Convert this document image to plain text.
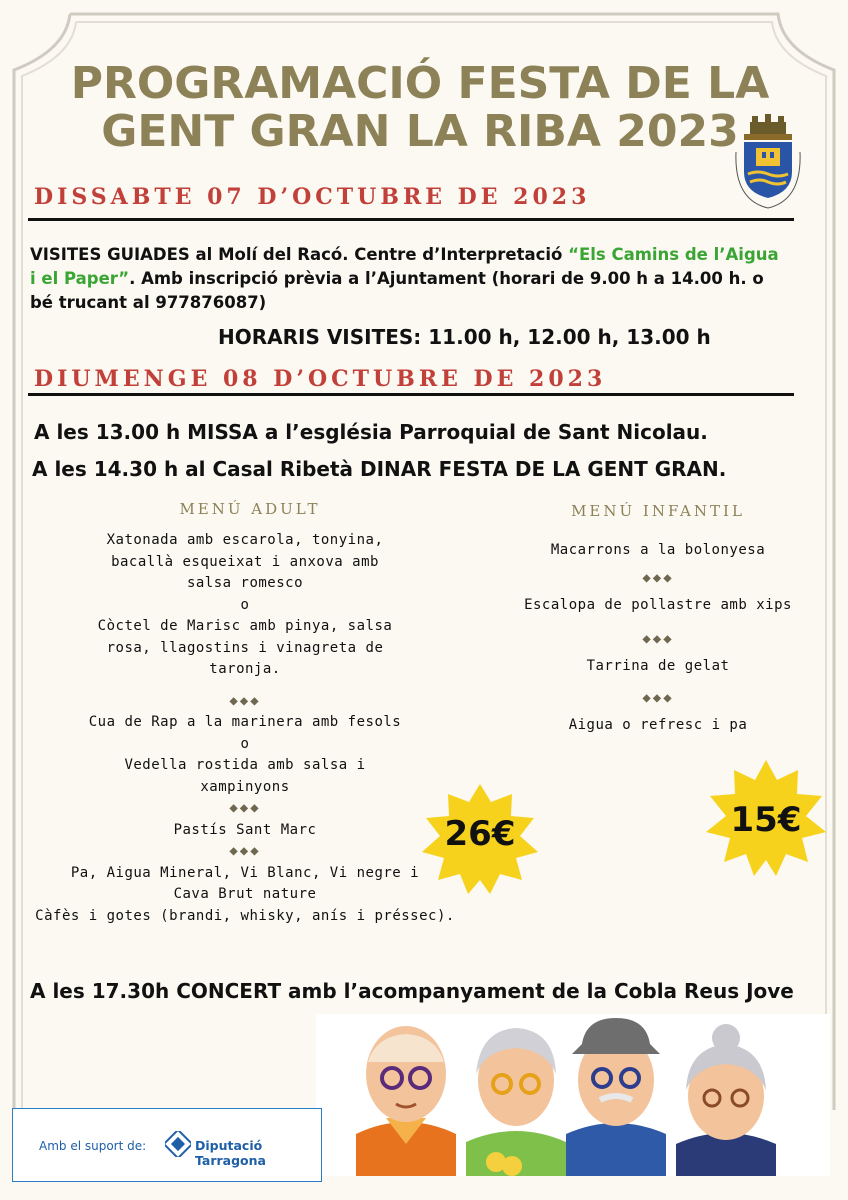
PROGRAMACIÓ FESTA DE LA
GENT GRAN LA RIBA 2023
DISSABTE 07 D’OCTUBRE DE 2023
VISITES GUIADES al Molí del Racó. Centre d’Interpretació “Els Camins de l’Aigua i el Paper”. Amb inscripció prèvia a l’Ajuntament (horari de 9.00 h a 14.00 h. o bé trucant al 977876087)
HORARIS VISITES: 11.00 h, 12.00 h, 13.00 h
DIUMENGE 08 D’OCTUBRE DE 2023
A les 13.00 h MISSA a l’església Parroquial de Sant Nicolau.
A les 14.30 h al Casal Ribetà DINAR FESTA DE LA GENT GRAN.
MENÚ ADULT
Xatonada amb escarola, tonyina,
bacallà esqueixat i anxova amb
salsa romesco
o
Còctel de Marisc amb pinya, salsa
rosa, llagostins i vinagreta de
taronja.
◆◆◆
Cua de Rap a la marinera amb fesols
o
Vedella rostida amb salsa i
xampinyons
◆◆◆
Pastís Sant Marc
◆◆◆
Pa, Aigua Mineral, Vi Blanc, Vi negre i
Cava Brut nature
Càfès i gotes (brandi, whisky, anís i préssec).
26€
MENÚ INFANTIL
Macarrons a la bolonyesa
◆◆◆
Escalopa de pollastre amb xips
◆◆◆
Tarrina de gelat
◆◆◆
Aigua o refresc i pa
15€
A les 17.30h CONCERT amb l’acompanyament de la Cobla Reus Jove
Amb el suport de:	Diputació Tarragona
